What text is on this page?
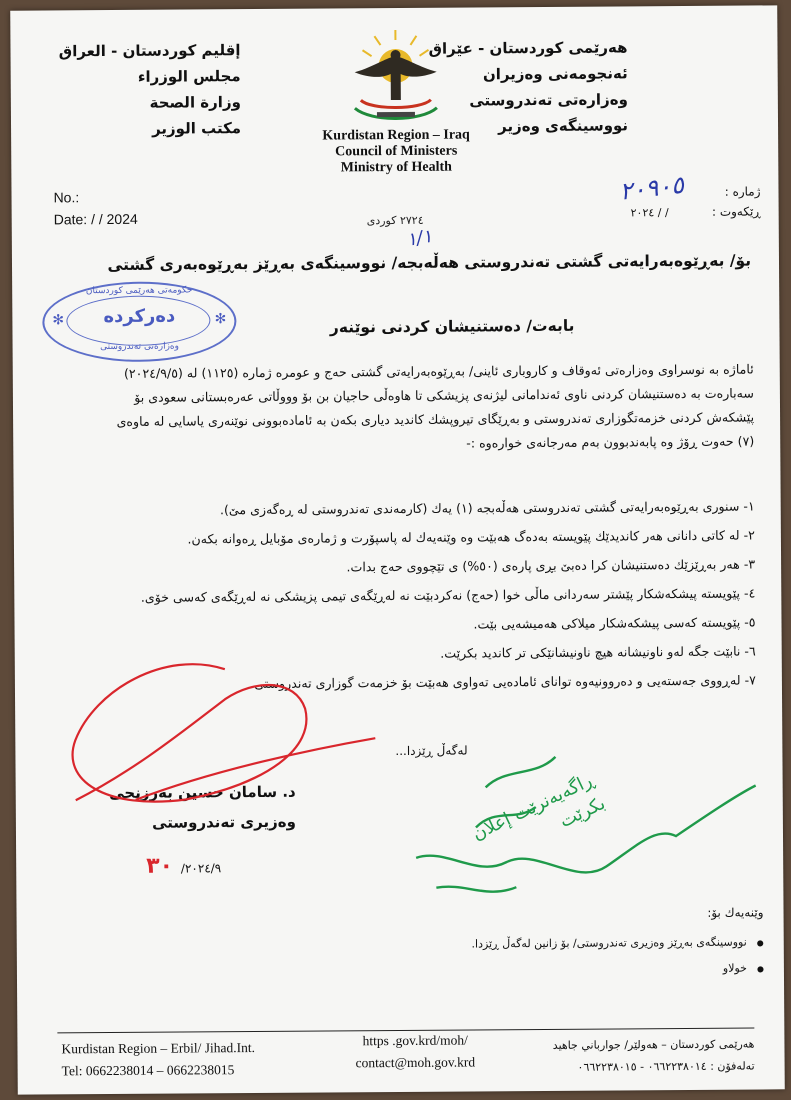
هەرێمی كوردستان - عێراق
ئەنجومەنی وەزیران
وەزارەتی تەندروستی
نووسینگەی وەزیر
Kurdistan Region – Iraq
Council of Ministers
Ministry of Health
إقليم كوردستان - العراق
مجلس الوزراء
وزارة الصحة
مكتب الوزير
No.:
Date: / / 2024
ژمارە :
ڕێكەوت :
/ / ٢٠٢٤
٢٠٩٠٥
٢٧٢٤ كوردی
١/١
بۆ/ بەڕێوەبەرایەتی گشتی تەندروستی هەڵەبجە/ نووسینگەی بەڕێز بەڕێوەبەری گشتی
حكومەتی هەرێمی كوردستان
دەرکردە
وەزارەتی تەندروستی
✻	✻	بابەت/ دەستنیشان كردنی نوێنەر

ئاماژە بە نوسراوی وەزارەتی ئەوقاف و كاروباری ئاینی/ بەڕێوەبەرایەتی گشتی حەج و عومرە ژمارە (١١٢٥) لە (٢٠٢٤/٩/٥)

سەبارەت بە دەستنیشان كردنی ناوی ئەندامانی لیژنەی پزیشكی تا هاوەڵی حاجیان بن بۆ وووڵاتی عەرەبستانی سعودی بۆ

پێشكەش كردنی خزمەتگوزاری تەندروستی و بەڕێگای تیروپشك كاندید دیاری بكەن بە ئامادەبوونی نوێنەری یاسایی لە ماوەی

(٧) حەوت ڕۆژ وە پابەندبوون بەم مەرجانەی خوارەوە :-

١- سنوری بەڕێوەبەرایەتی گشتی تەندروستی هەڵەبجە (١) یەك (كارمەندی تەندروستی لە ڕەگەزی مێ).
٢- لە كاتی دانانی هەر كاندیدێك پێویستە بەدەگ هەبێت وە وێنەیەك لە پاسپۆرت و ژمارەی مۆبایل ڕەوانە بكەن.
٣- هەر بەڕێزێك دەستنیشان كرا دەبێ بڕی پارەی (٥٠%) ی تێچووی حەج بدات.
٤- پێویستە پیشكەشكار پێشتر سەردانی ماڵی خوا (حەج) نەكردبێت نە لەڕێگەی تیمی پزیشكی نە لەڕێگەی كەسی خۆی.
٥- پێویستە كەسی پیشكەشكار میلاكی هەمیشەیی بێت.
٦- نابێت جگە لەو ناونیشانە هیچ ناونیشانێكی تر كاندید بكرێت.
٧- لەڕووی جەستەیی و دەروونیەوە توانای ئامادەیی تەواوی هەبێت بۆ خزمەت گوزاری تەندروستی.
لەگەڵ ڕێزدا...
د. سامان حسین بەرزنجی
وەزیری تەندروستی
٢٠٢٤/٩/ ٣٠
ڕاگەیەنرێت إعلان بكرێت
وێنەیەك بۆ:
● نووسینگەی بەڕێز وەزیری تەندروستی/ بۆ زانین لەگەڵ ڕێزدا.
● خولاو
Kurdistan Region – Erbil/ Jihad.Int.
Tel: 0662238014 – 0662238015
https .gov.krd/moh/
contact@moh.gov.krd
هەرێمی كوردستان – هەولێر/ جوارباني جاهيد
تەلەفۆن : ٠٦٦٢٢٣٨٠١٤ - ٠٦٦٢٢٣٨٠١٥
